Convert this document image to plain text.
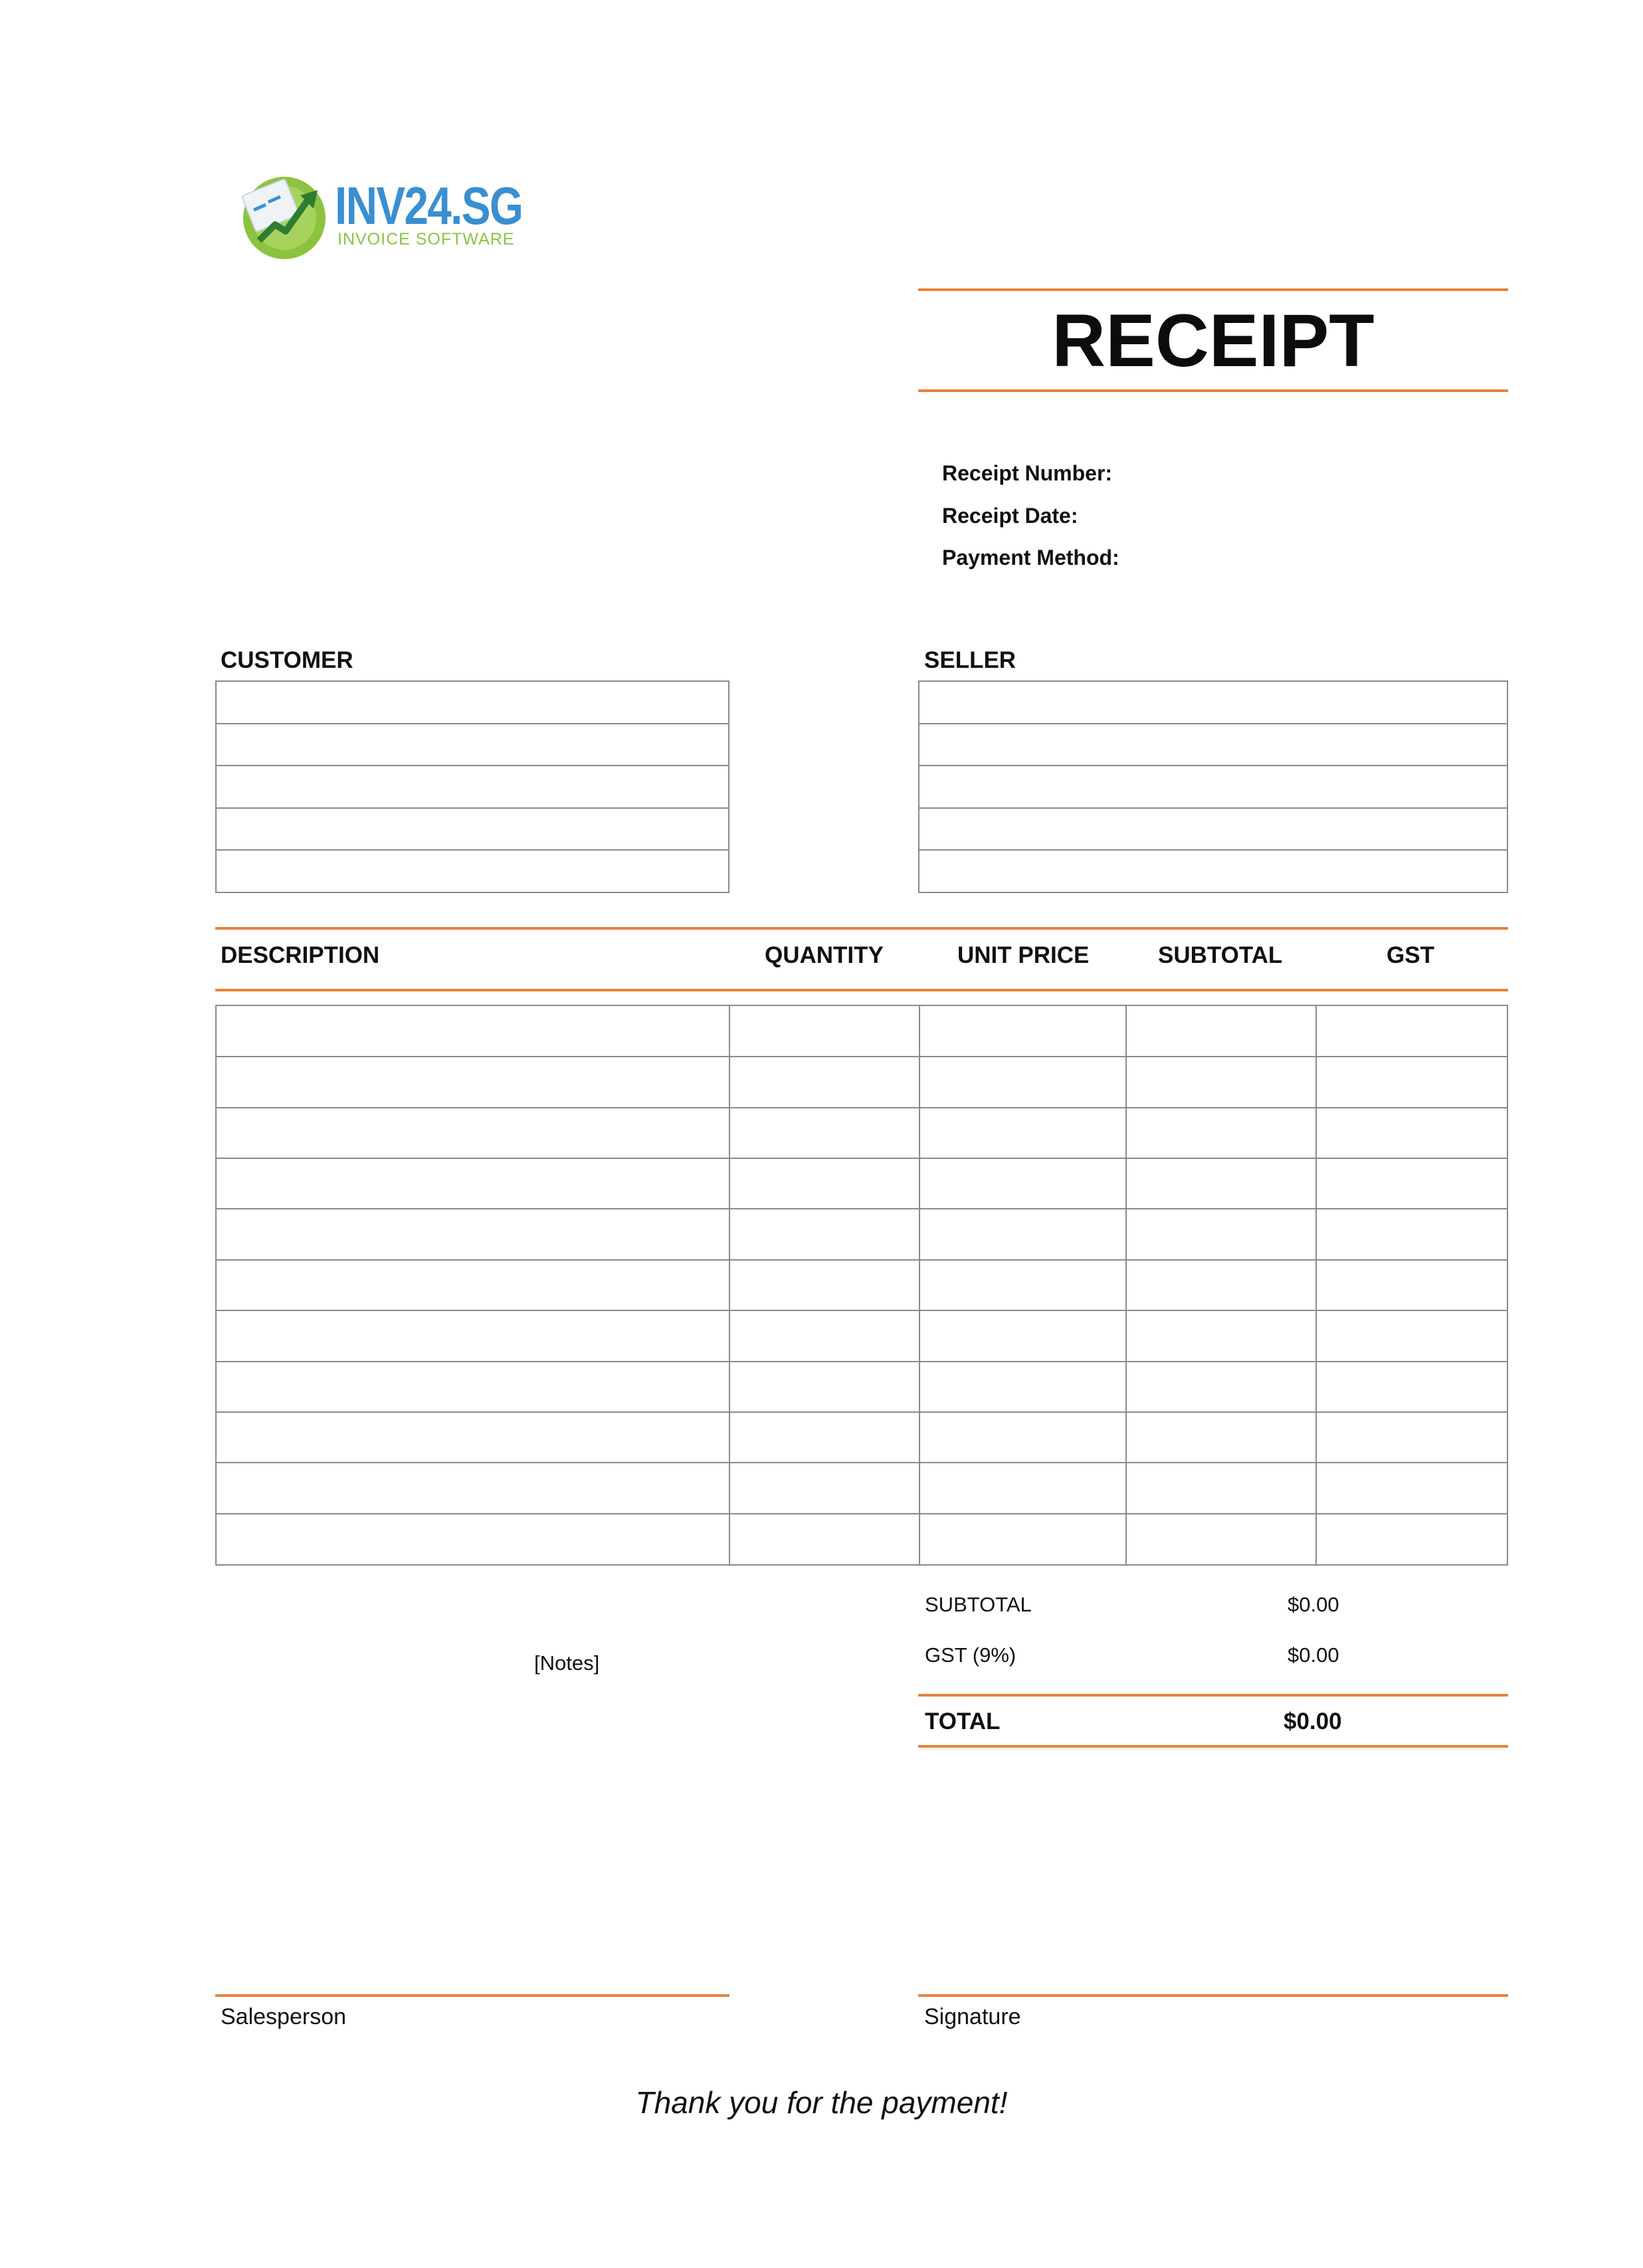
INV24.SG
INVOICE SOFTWARE
RECEIPT
Receipt Number:
Receipt Date:
Payment Method:
CUSTOMER	SELLER
DESCRIPTION	QUANTITY	UNIT PRICE	SUBTOTAL	GST
[Notes]
SUBTOTAL	$0.00
GST (9%)	$0.00
TOTAL	$0.00
Salesperson	Signature
Thank you for the payment!
